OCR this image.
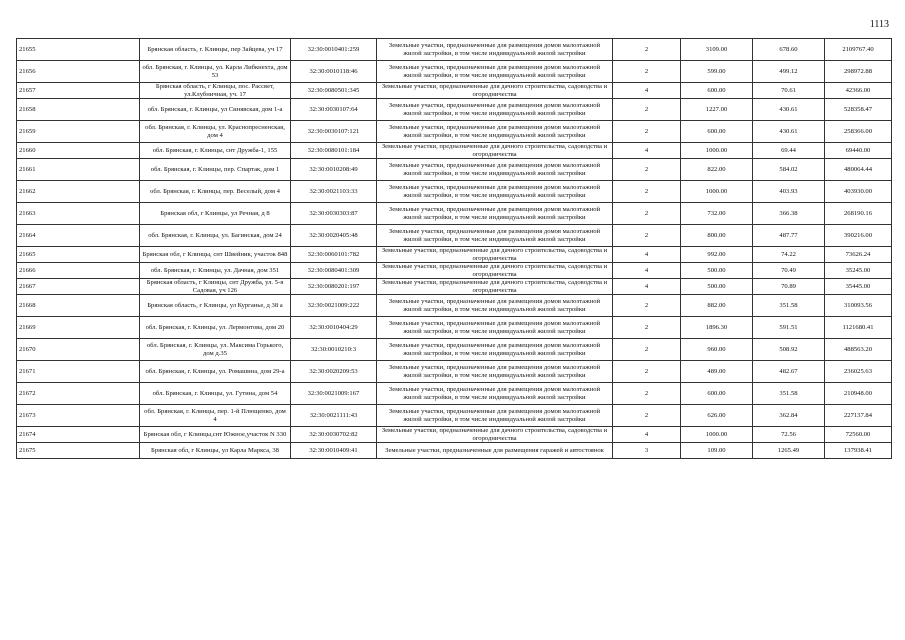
1113
21655	Брянская область, г. Клинцы, пер Зайцева, уч 17	32:30:0010401:259	Земельные участки, предназначенные для размещения домов малоэтажной жилой застройки, в том числе индивидуальной жилой застройки	2	3109.00	678.60	2109767.40
21656	обл. Брянская, г. Клинцы, ул. Карла Либкнехта, дом 53	32:30:0010118:46	Земельные участки, предназначенные для размещения домов малоэтажной жилой застройки, в том числе индивидуальной жилой застройки	2	599.00	499.12	298972.88
21657	Брянская область, г Клинцы, пос. Рассвет, ул.Клубничная, уч. 17	32:30:0080501:345	Земельные участки, предназначенные для дачного строительства, садоводства и огородничества	4	600.00	70.61	42366.00
21658	обл. Брянская, г. Клинцы, ул Синявская, дом 1-а	32:30:0030107:64	Земельные участки, предназначенные для размещения домов малоэтажной жилой застройки, в том числе индивидуальной жилой застройки	2	1227.00	430.61	528358.47
21659	обл. Брянская, г. Клинцы, ул. Краснопресненская, дом 4	32:30:0030107:121	Земельные участки, предназначенные для размещения домов малоэтажной жилой застройки, в том числе индивидуальной жилой застройки	2	600.00	430.61	258366.00
21660	обл. Брянская, г. Клинцы, снт Дружба-1, 155	32:30:0080101:184	Земельные участки, предназначенные для дачного строительства, садоводства и огородничества	4	1000.00	69.44	69440.00
21661	обл. Брянская, г. Клинцы, пер. Спартак, дом 1	32:30:0010208:49	Земельные участки, предназначенные для размещения домов малоэтажной жилой застройки, в том числе индивидуальной жилой застройки	2	822.00	584.02	480064.44
21662	обл. Брянская, г. Клинцы, пер. Веселый, дом 4	32:30:0021103:33	Земельные участки, предназначенные для размещения домов малоэтажной жилой застройки, в том числе индивидуальной жилой застройки	2	1000.00	403.93	403930.00
21663	Брянская обл, г Клинцы, ул Речная, д 8	32:30:0030303:87	Земельные участки, предназначенные для размещения домов малоэтажной жилой застройки, в том числе индивидуальной жилой застройки	2	732.00	366.38	268190.16
21664	обл. Брянская, г. Клинцы, ул. Багинская, дом 24	32:30:0020405:48	Земельные участки, предназначенные для размещения домов малоэтажной жилой застройки, в том числе индивидуальной жилой застройки	2	800.00	487.77	390216.00
21665	Брянская обл, г Клинцы, снт Швейник, участок 848	32:30:0060101:782	Земельные участки, предназначенные для дачного строительства, садоводства и огородничества	4	992.00	74.22	73626.24
21666	обл. Брянская, г. Клинцы, ул. Дачная, дом 351	32:30:0080401:309	Земельные участки, предназначенные для дачного строительства, садоводства и огородничества	4	500.00	70.49	35245.00
21667	Брянская область, г Клинцы, снт Дружба, ул. 5-я Садовая, уч 126	32:30:0080201:197	Земельные участки, предназначенные для дачного строительства, садоводства и огородничества	4	500.00	70.89	35445.00
21668	Брянская область, г Клинцы, ул Курганье, д 38 а	32:30:0021009:222	Земельные участки, предназначенные для размещения домов малоэтажной жилой застройки, в том числе индивидуальной жилой застройки	2	882.00	351.58	310093.56
21669	обл. Брянская, г. Клинцы, ул. Лермонтова, дом 20	32:30:0010404:29	Земельные участки, предназначенные для размещения домов малоэтажной жилой застройки, в том числе индивидуальной жилой застройки	2	1896.30	591.51	1121680.41
21670	обл. Брянская, г. Клинцы, ул. Максима Горького, дом д.35	32:30:0010210:3	Земельные участки, предназначенные для размещения домов малоэтажной жилой застройки, в том числе индивидуальной жилой застройки	2	960.00	508.92	488563.20
21671	обл. Брянская, г. Клинцы, ул. Ромашина, дом 29-а	32:30:0020209:53	Земельные участки, предназначенные для размещения домов малоэтажной жилой застройки, в том числе индивидуальной жилой застройки	2	489.00	482.67	236025.63
21672	обл. Брянская, г. Клинцы, ул. Гутина, дом 54	32:30:0021009:167	Земельные участки, предназначенные для размещения домов малоэтажной жилой застройки, в том числе индивидуальной жилой застройки	2	600.00	351.58	210948.00
21673	обл. Брянская, г. Клинцы, пер. 1-й Плющенко, дом 4	32:30:0021111:43	Земельные участки, предназначенные для размещения домов малоэтажной жилой застройки, в том числе индивидуальной жилой застройки	2	626.00	362.84	227137.84
21674	Брянская обл, г Клинцы,снт Южное,участок N 330	32:30:0030702:82	Земельные участки, предназначенные для дачного строительства, садоводства и огородничества	4	1000.00	72.56	72560.00
21675	Брянская обл, г Клинцы, ул Карла Маркса, 38	32:30:0010409:41	Земельные участки, предназначенные для размещения гаражей и автостоянок	3	109.00	1265.49	137938.41
